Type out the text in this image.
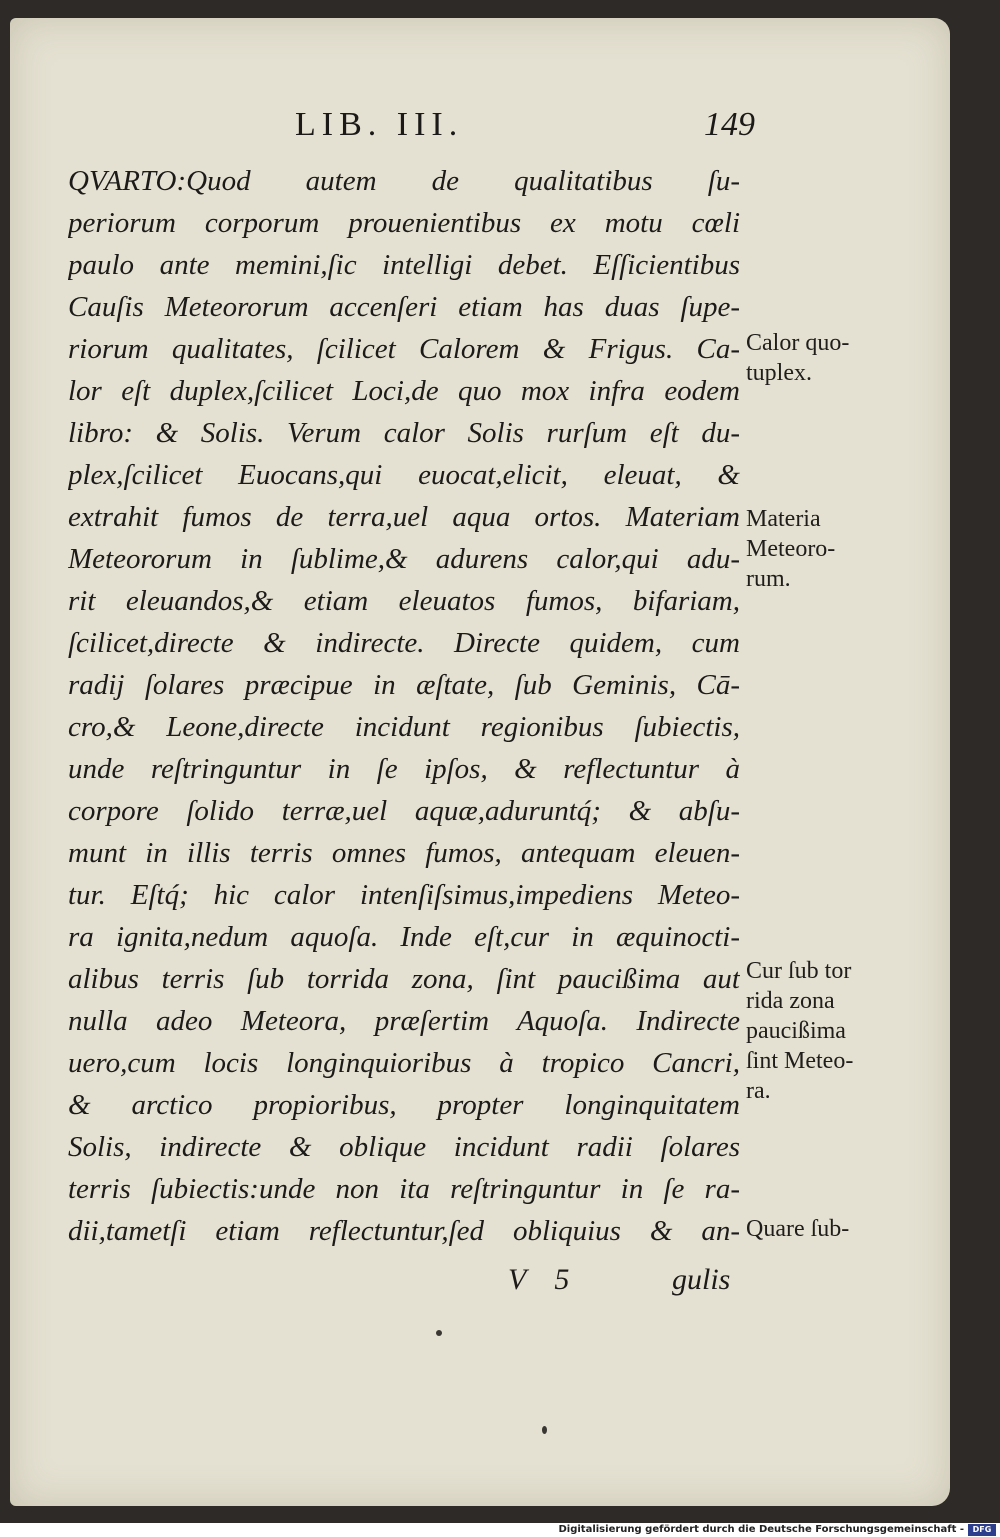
LIB. III.	149
QVARTO:Quod autem de qualitatibus ſu-
periorum corporum prouenientibus ex motu cœli
paulo ante memini,ſic intelligi debet. Eſſicientibus
Cauſis Meteororum accenſeri etiam has duas ſupe-
riorum qualitates, ſcilicet Calorem & Frigus. Ca-
lor eſt duplex,ſcilicet Loci,de quo mox infra eodem
libro: & Solis. Verum calor Solis rurſum eſt du-
plex,ſcilicet Euocans,qui euocat,elicit, eleuat, &
extrahit fumos de terra,uel aqua ortos. Materiam
Meteororum in ſublime,& adurens calor,qui adu-
rit eleuandos,& etiam eleuatos fumos, bifariam,
ſcilicet,directe & indirecte. Directe quidem, cum
radij ſolares præcipue in æſtate, ſub Geminis, Cā-
cro,& Leone,directe incidunt regionibus ſubiectis,
unde reſtringuntur in ſe ipſos, & reflectuntur à
corpore ſolido terræ,uel aquæ,aduruntq́; & abſu-
munt in illis terris omnes fumos, antequam eleuen-
tur. Eſtq́; hic calor intenſiſsimus,impediens Meteo-
ra ignita,nedum aquoſa. Inde eſt,cur in æquinocti-
alibus terris ſub torrida zona, ſint paucißima aut
nulla adeo Meteora, præſertim Aquoſa. Indirecte
uero,cum locis longinquioribus à tropico Cancri,
& arctico propioribus, propter longinquitatem
Solis, indirecte & oblique incidunt radii ſolares
terris ſubiectis:unde non ita reſtringuntur in ſe ra-
dii,tametſi etiam reflectuntur,ſed obliquius & an-
Calor quo-
tuplex.
Materia
Meteoro-
rum.
Cur ſub tor
rida zona
paucißima
ſint Meteo-
ra.
Quare ſub-
V 5	gulis
Digitalisierung gefördert durch die Deutsche Forschungsgemeinschaft -	DFG
